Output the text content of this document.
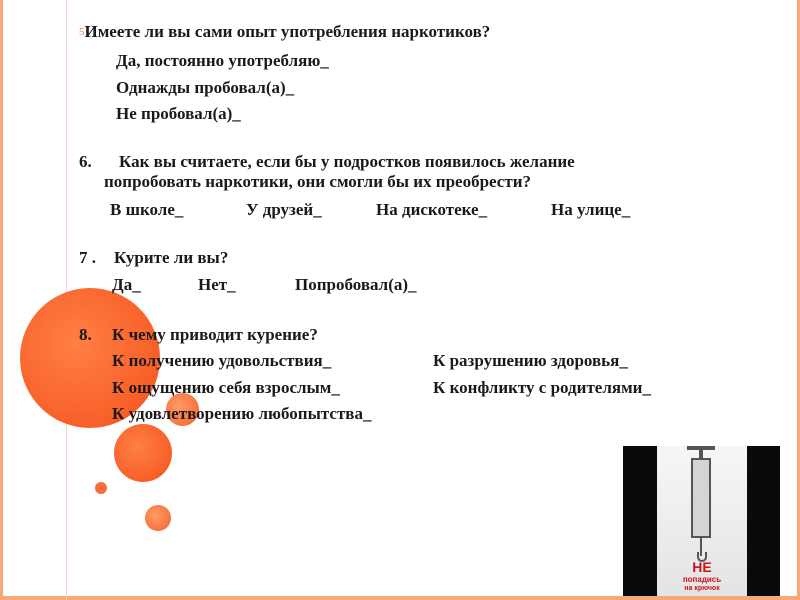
5Имеете ли вы сами опыт употребления наркотиков?
Да, постоянно употребляю_
Однажды пробовал(а)_
Не пробовал(а)_
6. Как вы считаете, если бы у подростков появилось желание
попробовать наркотики, они смогли бы их преобрести?
В школе_	У друзей_	На дискотеке_	На улице_
7 . Курите ли вы?
Да_	Нет_	Попробовал(а)_
8. К чему приводит курение?
К получению удовольствия_	К разрушению здоровья_
К ощущению себя взрослым_	К конфликту с родителями_
К удовлетворению любопытства_
НЕ
попадись
на крючок
